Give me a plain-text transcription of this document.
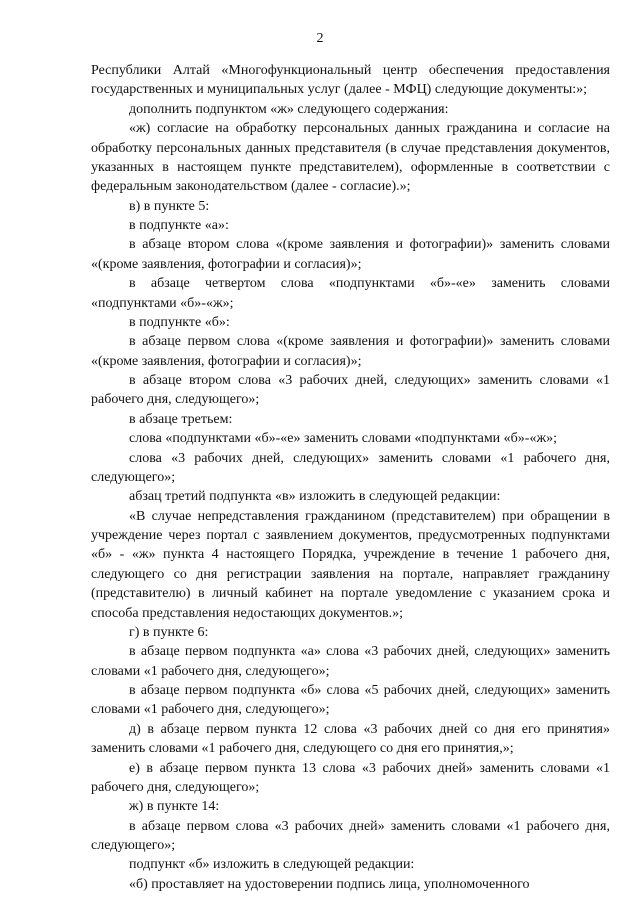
2

Республики Алтай «Многофункциональный центр обеспечения предоставления государственных и муниципальных услуг (далее - МФЦ) следующие документы:»;

дополнить подпунктом «ж» следующего содержания:

«ж) согласие на обработку персональных данных гражданина и согласие на обработку персональных данных представителя (в случае представления документов, указанных в настоящем пункте представителем), оформленные в соответствии с федеральным законодательством (далее - согласие).»;

в) в пункте 5:

в подпункте «а»:

в абзаце втором слова «(кроме заявления и фотографии)» заменить словами «(кроме заявления, фотографии и согласия)»;

в абзаце четвертом слова «подпунктами «б»-«е» заменить словами «подпунктами «б»-«ж»;

в подпункте «б»:

в абзаце первом слова «(кроме заявления и фотографии)» заменить словами «(кроме заявления, фотографии и согласия)»;

в абзаце втором слова «3 рабочих дней, следующих» заменить словами «1 рабочего дня, следующего»;

в абзаце третьем:

слова «подпунктами «б»-«е» заменить словами «подпунктами «б»-«ж»;

слова «3 рабочих дней, следующих» заменить словами «1 рабочего дня, следующего»;

абзац третий подпункта «в» изложить в следующей редакции:

«В случае непредставления гражданином (представителем) при обращении в учреждение через портал с заявлением документов, предусмотренных подпунктами «б» - «ж» пункта 4 настоящего Порядка, учреждение в течение 1 рабочего дня, следующего со дня регистрации заявления на портале, направляет гражданину (представителю) в личный кабинет на портале уведомление с указанием срока и способа представления недостающих документов.»;

г) в пункте 6:

в абзаце первом подпункта «а» слова «3 рабочих дней, следующих» заменить словами «1 рабочего дня, следующего»;

в абзаце первом подпункта «б» слова «5 рабочих дней, следующих» заменить словами «1 рабочего дня, следующего»;

д) в абзаце первом пункта 12 слова «3 рабочих дней со дня его принятия» заменить словами «1 рабочего дня, следующего со дня его принятия,»;

е) в абзаце первом пункта 13 слова «3 рабочих дней» заменить словами «1 рабочего дня, следующего»;

ж) в пункте 14:

в абзаце первом слова «3 рабочих дней» заменить словами «1 рабочего дня, следующего»;

подпункт «б» изложить в следующей редакции:

«б) проставляет на удостоверении подпись лица, уполномоченного
